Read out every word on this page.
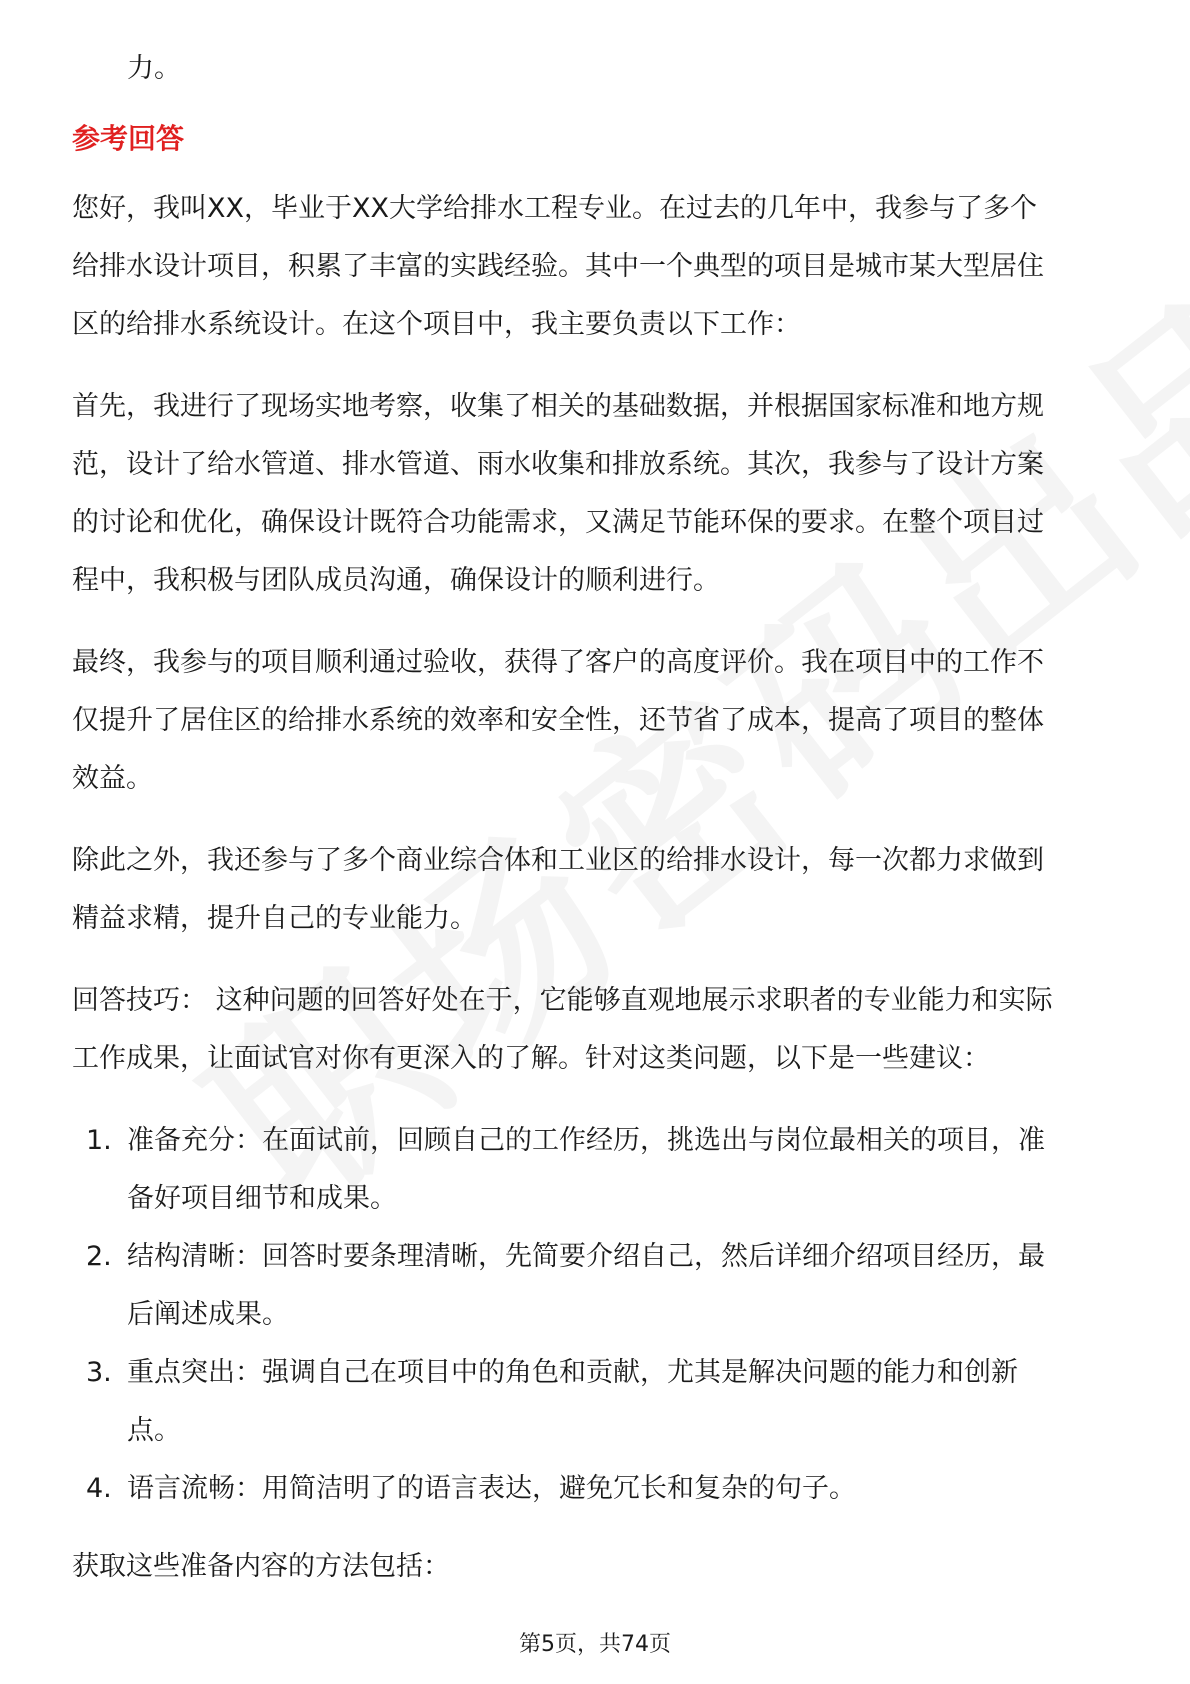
力。
参考回答
您好，我叫XX，毕业于XX大学给排水工程专业。在过去的几年中，我参与了多个
给排水设计项目，积累了丰富的实践经验。其中一个典型的项目是城市某大型居住
区的给排水系统设计。在这个项目中，我主要负责以下工作：
首先，我进行了现场实地考察，收集了相关的基础数据，并根据国家标准和地方规
范，设计了给水管道、排水管道、雨水收集和排放系统。其次，我参与了设计方案
的讨论和优化，确保设计既符合功能需求，又满足节能环保的要求。在整个项目过
程中，我积极与团队成员沟通，确保设计的顺利进行。
最终，我参与的项目顺利通过验收，获得了客户的高度评价。我在项目中的工作不
仅提升了居住区的给排水系统的效率和安全性，还节省了成本，提高了项目的整体
效益。
除此之外，我还参与了多个商业综合体和工业区的给排水设计，每一次都力求做到
精益求精，提升自己的专业能力。
回答技巧： 这种问题的回答好处在于，它能够直观地展示求职者的专业能力和实际
工作成果，让面试官对你有更深入的了解。针对这类问题，以下是一些建议：
1. 准备充分：在面试前，回顾自己的工作经历，挑选出与岗位最相关的项目，准
备好项目细节和成果。
2. 结构清晰：回答时要条理清晰，先简要介绍自己，然后详细介绍项目经历，最
后阐述成果。
3. 重点突出：强调自己在项目中的角色和贡献，尤其是解决问题的能力和创新
点。
4. 语言流畅：用简洁明了的语言表达，避免冗长和复杂的句子。
获取这些准备内容的方法包括：
第5页，共74页
